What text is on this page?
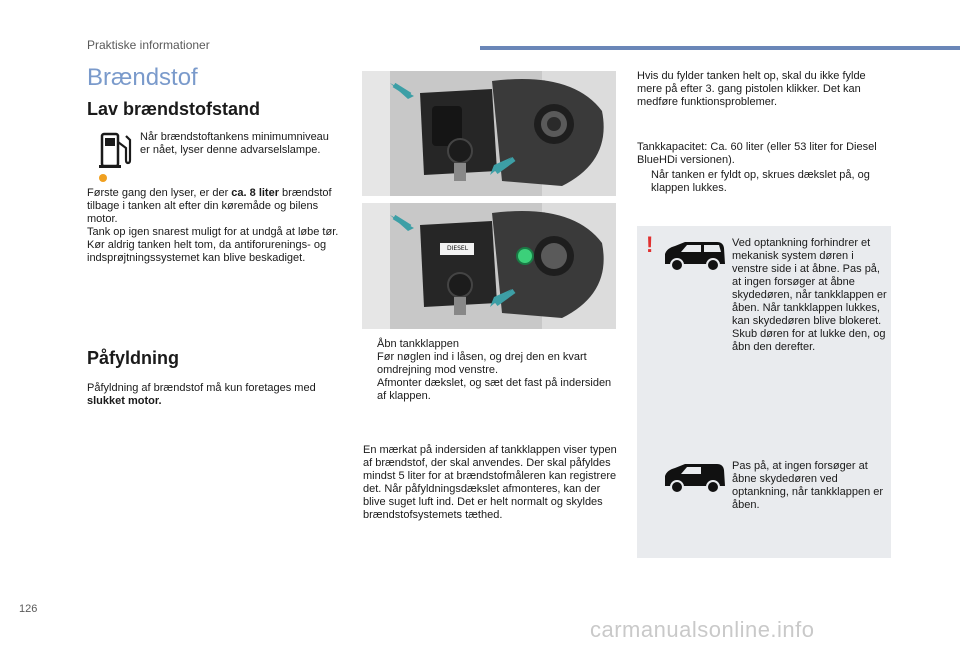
Praktiske informationer
Brændstof
Lav brændstofstand
Når brændstoftankens minimumniveau er nået, lyser denne advarselslampe.
Første gang den lyser, er der ca. 8 liter brændstof tilbage i tanken alt efter din køremåde og bilens motor.
Tank op igen snarest muligt for at undgå at løbe tør.
Kør aldrig tanken helt tom, da antiforurenings- og indsprøjtningssystemet kan blive beskadiget.
Påfyldning
Påfyldning af brændstof må kun foretages med slukket motor.
DIESEL
Åbn tankklappen
Før nøglen ind i låsen, og drej den en kvart omdrejning mod venstre.
Afmonter dækslet, og sæt det fast på indersiden af klappen.
En mærkat på indersiden af tankklappen viser typen af brændstof, der skal anvendes. Der skal påfyldes mindst 5 liter for at brændstofmåleren kan registrere det. Når påfyldningsdækslet afmonteres, kan der blive suget luft ind. Det er helt normalt og skyldes brændstofsystemets tæthed.
Hvis du fylder tanken helt op, skal du ikke fylde mere på efter 3. gang pistolen klikker. Det kan medføre funktionsproblemer.
Tankkapacitet: Ca. 60 liter (eller 53 liter for Diesel BlueHDi versionen).
Når tanken er fyldt op, skrues dækslet på, og klappen lukkes.
!	Ved optankning forhindrer et mekanisk system døren i venstre side i at åbne. Pas på, at ingen forsøger at åbne skydedøren, når tankklappen er åben. Når tankklappen lukkes, kan skydedøren blive blokeret. Skub døren for at lukke den, og åbn den derefter.
Pas på, at ingen forsøger at åbne skydedøren ved optankning, når tankklappen er åben.
126
carmanualsonline.info
